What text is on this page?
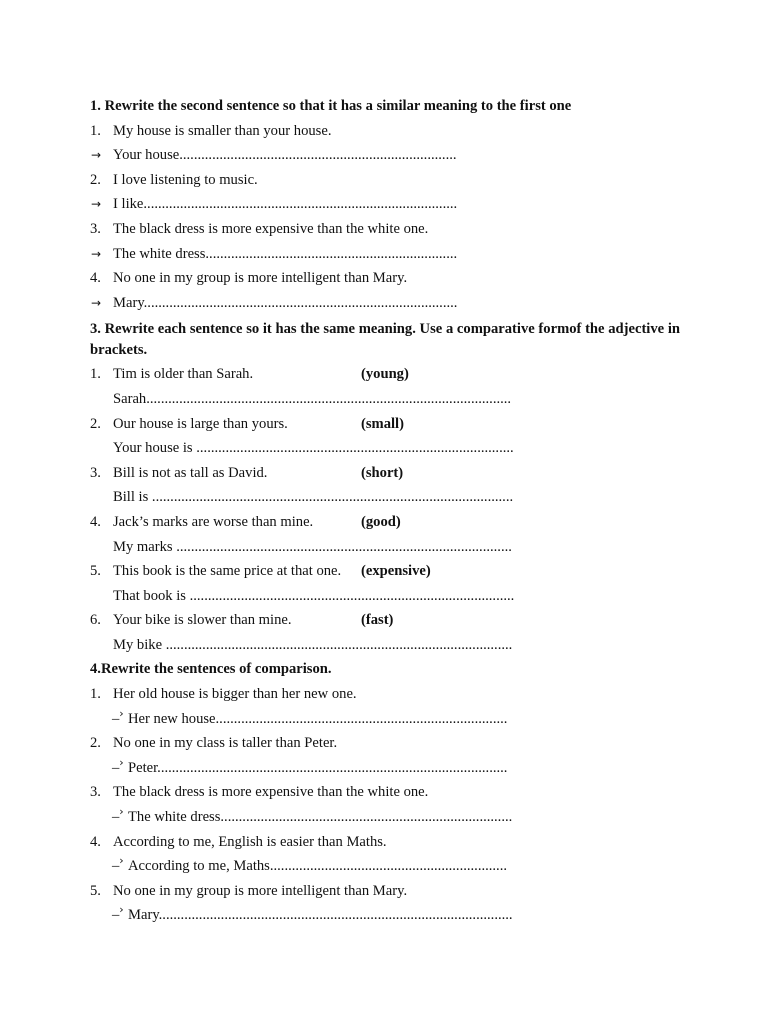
1. Rewrite the second sentence so that it has a similar meaning to the first one
1. My house is smaller than your house.
→ Your house............................................................................
2. I love listening to music.
→ I like......................................................................................
3. The black dress is more expensive than the white one.
→ The white dress.....................................................................
4. No one in my group is more intelligent than Mary.
→ Mary......................................................................................
3. Rewrite each sentence so it has the same meaning. Use a comparative formof the adjective in brackets.
1. Tim is older than Sarah.	(young)
Sarah....................................................................................................
2. Our house is large than yours.	(small)
Your house is .......................................................................................
3. Bill is not as tall as David.	(short)
Bill is ...................................................................................................
4. Jack’s marks are worse than mine.	(good)
My marks ............................................................................................
5. This book is the same price at that one. (expensive)
That book is .........................................................................................
6. Your bike is slower than mine.	(fast)
My bike ...............................................................................................
4.Rewrite the sentences of comparison.
1. Her old house is bigger than her new one.
–› Her new house................................................................................
2. No one in my class is taller than Peter.
–› Peter................................................................................................
3. The black dress is more expensive than the white one.
–› The white dress................................................................................
4. According to me, English is easier than Maths.
–› According to me, Maths.................................................................
5. No one in my group is more intelligent than Mary.
–› Mary.................................................................................................
